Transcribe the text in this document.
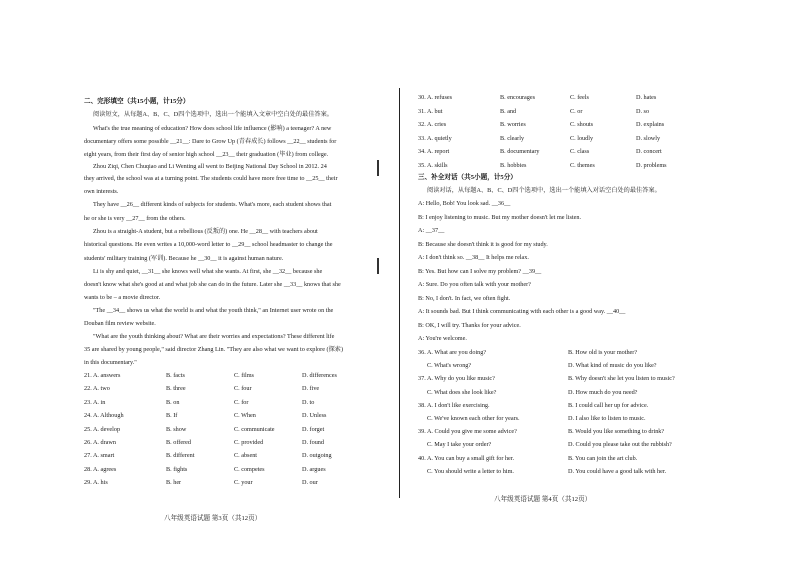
二、完形填空（共15小题，计15分）
阅读短文，从每题A、B、C、D四个选项中，选出一个能填入文章中空白处的最佳答案。
What's the true meaning of education? How does school life influence (影响) a teenager? A new
documentary offers some possible __21__: Dare to Grow Up (青春成长) follows __22__ students for
eight years, from their first day of senior high school __23__ their graduation (毕业) from college.
Zhou Ziqi, Chen Chuqiao and Li Wenting all went to Beijing National Day School in 2012. 24
they arrived, the school was at a turning point. The students could have more free time to __25__ their
own interests.
They have __26__ different kinds of subjects for students. What's more, each student shows that
he or she is very __27__ from the others.
Zhou is a straight-A student, but a rebellious (反叛的) one. He __28__ with teachers about
historical questions. He even writes a 10,000-word letter to __29__ school headmaster to change the
students' military training (军训). Because he __30__ it is against human nature.
Li is shy and quiet, __31__ she knows well what she wants. At first, she __32__ because she
doesn't know what she's good at and what job she can do in the future. Later she __33__ knows that she
wants to be – a movie director.
"The __34__ shows us what the world is and what the youth think," an Internet user wrote on the
Douban film review website.
"What are the youth thinking about? What are their worries and expectations? These different life
35 are shared by young people," said director Zhang Lin. "They are also what we want to explore (探索)
in this documentary."
21. A. answers	B. facts	C. films	D. differences
22. A. two	B. three	C. four	D. five
23. A. in	B. on	C. for	D. to
24. A. Although	B. If	C. When	D. Unless
25. A. develop	B. show	C. communicate	D. forget
26. A. drawn	B. offered	C. provided	D. found
27. A. smart	B. different	C. absent	D. outgoing
28. A. agrees	B. fights	C. competes	D. argues
29. A. his	B. her	C. your	D. our
八年级英语试题 第3页（共12页）
30. A. refuses	B. encourages	C. feels	D. hates
31. A. but	B. and	C. or	D. so
32. A. cries	B. worries	C. shouts	D. explains
33. A. quietly	B. clearly	C. loudly	D. slowly
34. A. report	B. documentary	C. class	D. concert
35. A. skills	B. hobbies	C. themes	D. problems
三、补全对话（共5小题，计5分）
阅读对话，从每题A、B、C、D四个选项中，选出一个能填入对话空白处的最佳答案。
A: Hello, Bob! You look sad. __36__
B: I enjoy listening to music. But my mother doesn't let me listen.
A: __37__
B: Because she doesn't think it is good for my study.
A: I don't think so. __38__ It helps me relax.
B: Yes. But how can I solve my problem? __39__
A: Sure. Do you often talk with your mother?
B: No, I don't. In fact, we often fight.
A: It sounds bad. But I think communicating with each other is a good way. __40__
B: OK, I will try. Thanks for your advice.
A: You're welcome.
36. A. What are you doing?	B. How old is your mother?
C. What's wrong?	D. What kind of music do you like?
37. A. Why do you like music?	B. Why doesn't she let you listen to music?
C. What does she look like?	D. How much do you need?
38. A. I don't like exercising.	B. I could call her up for advice.
C. We've known each other for years.	D. I also like to listen to music.
39. A. Could you give me some advice?	B. Would you like something to drink?
C. May I take your order?	D. Could you please take out the rubbish?
40. A. You can buy a small gift for her.	B. You can join the art club.
C. You should write a letter to him.	D. You could have a good talk with her.
八年级英语试题 第4页（共12页）
